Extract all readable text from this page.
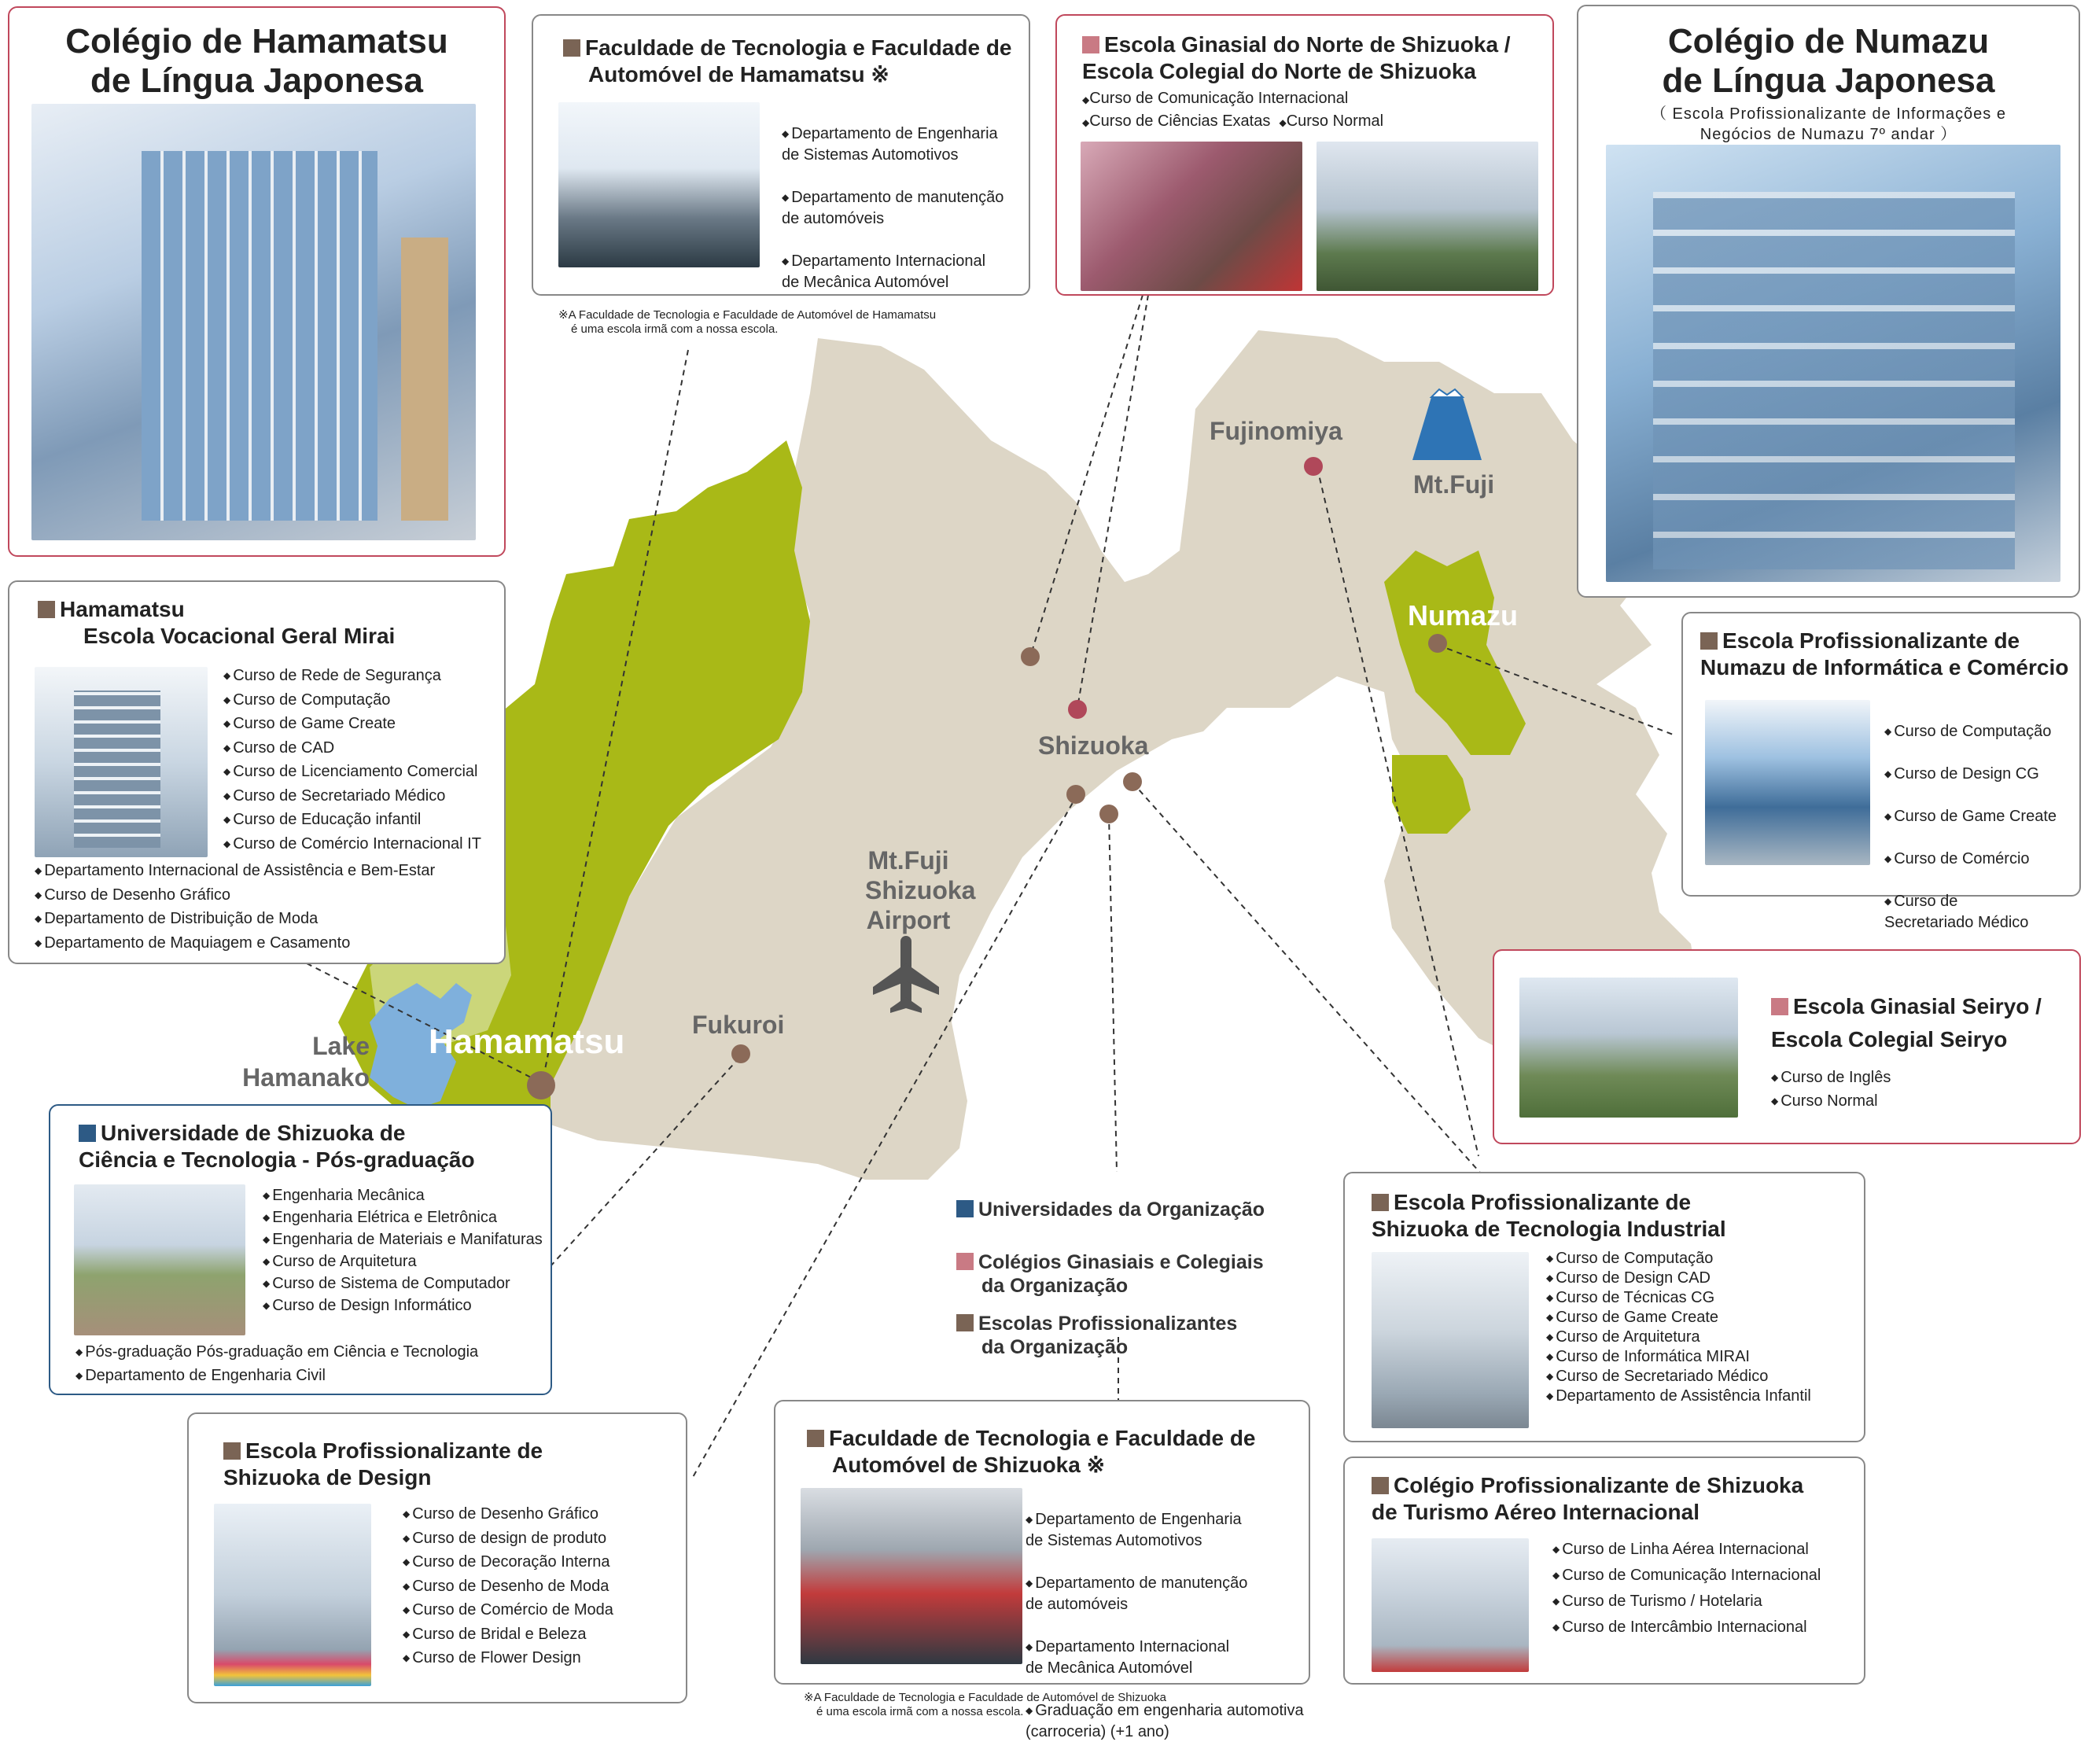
Fujinomiya
Mt.Fuji
Numazu
Shizuoka
Mt.Fuji
Shizuoka
Airport
Fukuroi
Hamamatsu
Lake
Hamanako
Colégio de Hamamatsu
de Língua Japonesa
Faculdade de Tecnologia e Faculdade de
Automóvel de Hamamatsu ※

◆ Departamento de Engenharia
de Sistemas Automotivos

◆ Departamento de manutenção
de automóveis

◆ Departamento Internacional
de Mecânica Automóvel

※A Faculdade de Tecnologia e Faculdade de Automóvel de Hamamatsu
é uma escola irmã com a nossa escola.
Escola Ginasial do Norte de Shizuoka /
Escola Colegial do Norte de Shizuoka
◆Curso de Comunicação Internacional
◆Curso de Ciências Exatas ◆Curso Normal
Colégio de Numazu
de Língua Japonesa
（ Escola Profissionalizante de Informações e
Negócios de Numazu 7º andar ）
Hamamatsu
Escola Vocacional Geral Mirai
◆ Curso de Rede de Segurança
◆ Curso de Computação
◆ Curso de Game Create
◆ Curso de CAD
◆ Curso de Licenciamento Comercial
◆ Curso de Secretariado Médico
◆ Curso de Educação infantil
◆ Curso de Comércio Internacional IT
◆ Departamento Internacional de Assistência e Bem-Estar
◆ Curso de Desenho Gráfico
◆ Departamento de Distribuição de Moda
◆ Departamento de Maquiagem e Casamento
Escola Profissionalizante de
Numazu de Informática e Comércio

◆ Curso de Computação

◆ Curso de Design CG

◆ Curso de Game Create

◆ Curso de Comércio

◆ Curso de
Secretariado Médico

◆

Escola Ginasial Seiryo /
Escola Colegial Seiryo
◆ Curso de Inglês
◆ Curso Normal
Universidade de Shizuoka de
Ciência e Tecnologia - Pós-graduação
◆ Engenharia Mecânica
◆ Engenharia Elétrica e Eletrônica
◆ Engenharia de Materiais e Manifaturas
◆ Curso de Arquitetura
◆ Curso de Sistema de Computador
◆ Curso de Design Informático
◆ Pós-graduação Pós-graduação em Ciência e Tecnologia
◆ Departamento de Engenharia Civil
Universidades da Organização
Colégios Ginasiais e Colegiais
da Organização
Escolas Profissionalizantes
da Organização
Escola Profissionalizante de
Shizuoka de Tecnologia Industrial
◆ Curso de Computação
◆ Curso de Design CAD
◆ Curso de Técnicas CG
◆ Curso de Game Create
◆ Curso de Arquitetura
◆ Curso de Informática MIRAI
◆ Curso de Secretariado Médico
◆ Departamento de Assistência Infantil
Escola Profissionalizante de
Shizuoka de Design
◆ Curso de Desenho Gráfico
◆ Curso de design de produto
◆ Curso de Decoração Interna
◆ Curso de Desenho de Moda
◆ Curso de Comércio de Moda
◆ Curso de Bridal e Beleza
◆ Curso de Flower Design
Faculdade de Tecnologia e Faculdade de
Automóvel de Shizuoka ※

◆ Departamento de Engenharia
de Sistemas Automotivos

◆ Departamento de manutenção
de automóveis

◆ Departamento Internacional
de Mecânica Automóvel

◆ Graduação em engenharia automotiva
(carroceria) (+1 ano)

※A Faculdade de Tecnologia e Faculdade de Automóvel de Shizuoka
é uma escola irmã com a nossa escola.
Colégio Profissionalizante de Shizuoka
de Turismo Aéreo Internacional
◆ Curso de Linha Aérea Internacional
◆ Curso de Comunicação Internacional
◆ Curso de Turismo / Hotelaria
◆ Curso de Intercâmbio Internacional
